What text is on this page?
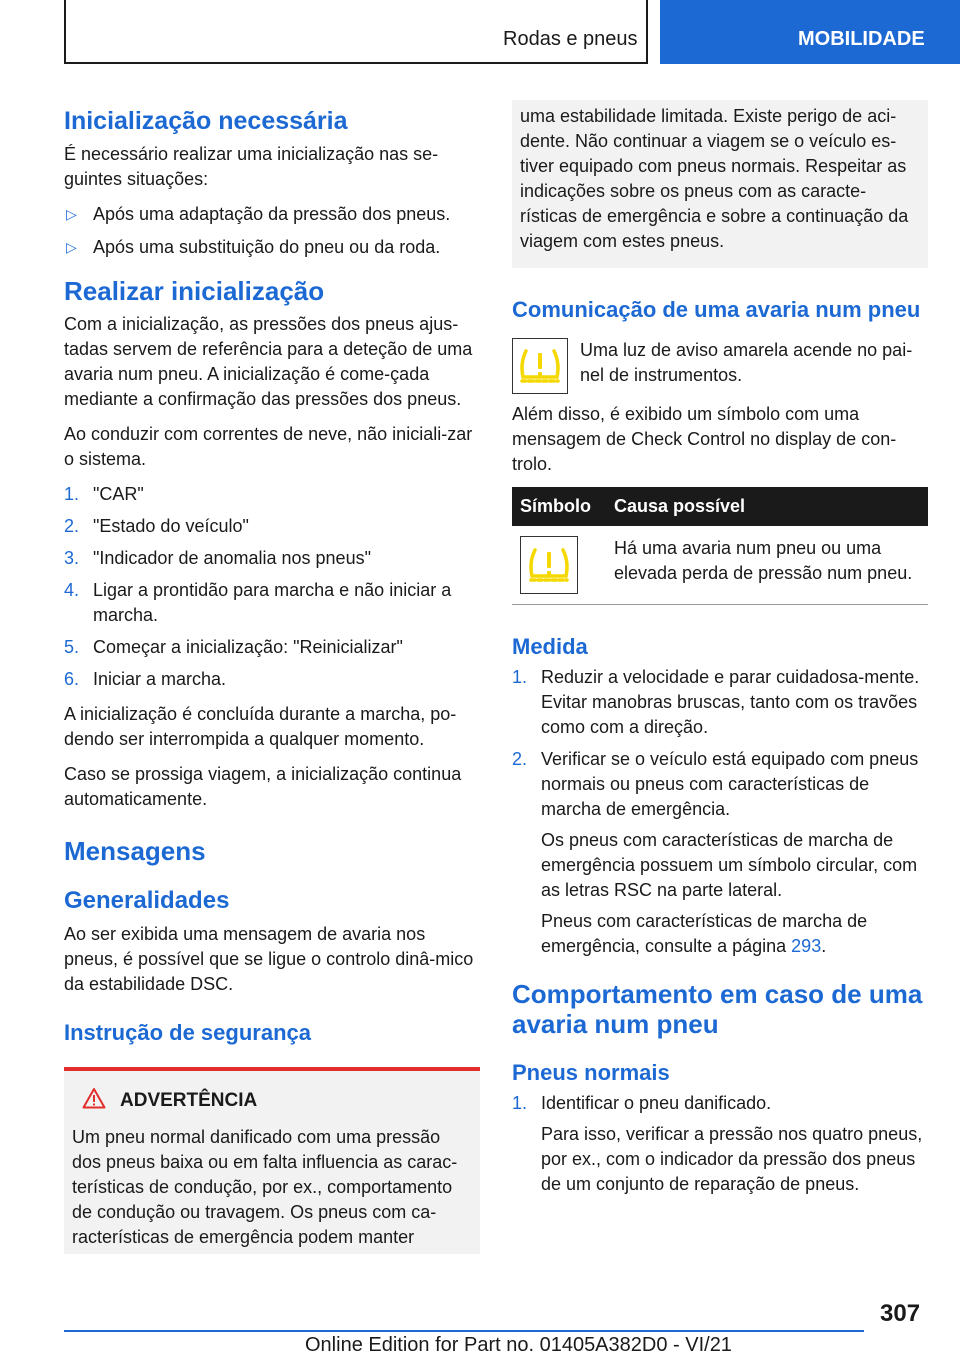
Rodas e pneus	MOBILIDADE
Inicialização necessária

É necessário realizar uma inicialização nas se-guintes situações:

▷ Após uma adaptação da pressão dos pneus.
▷ Após uma substituição do pneu ou da roda.
Realizar inicialização

Com a inicialização, as pressões dos pneus ajus-tadas servem de referência para a deteção de uma avaria num pneu. A inicialização é come-çada mediante a confirmação das pressões dos pneus.

Ao conduzir com correntes de neve, não iniciali-zar o sistema.

1. "CAR"
2. "Estado do veículo"
3. "Indicador de anomalia nos pneus"
4. Ligar a prontidão para marcha e não iniciar a marcha.
5. Começar a inicialização: "Reinicializar"
6. Iniciar a marcha.

A inicialização é concluída durante a marcha, po-dendo ser interrompida a qualquer momento.

Caso se prossiga viagem, a inicialização continua automaticamente.

Mensagens
Generalidades

Ao ser exibida uma mensagem de avaria nos pneus, é possível que se ligue o controlo dinâ-mico da estabilidade DSC.

Instrução de segurança
ADVERTÊNCIA

Um pneu normal danificado com uma pressão dos pneus baixa ou em falta influencia as carac-terísticas de condução, por ex., comportamento de condução ou travagem. Os pneus com ca-racterísticas de emergência podem manter

uma estabilidade limitada. Existe perigo de aci-dente. Não continuar a viagem se o veículo es-tiver equipado com pneus normais. Respeitar as indicações sobre os pneus com as caracte-rísticas de emergência e sobre a continuação da viagem com estes pneus.

Comunicação de uma avaria num pneu

Uma luz de aviso amarela acende no pai-nel de instrumentos.

Além disso, é exibido um símbolo com uma mensagem de Check Control no display de con-trolo.

Símbolo	Causa possível

	Há uma avaria num pneu ou uma elevada perda de pressão num pneu.
Medida
1. Reduzir a velocidade e parar cuidadosa-mente. Evitar manobras bruscas, tanto com os travões como com a direção.
2. Verificar se o veículo está equipado com pneus normais ou pneus com características de marcha de emergência.

Os pneus com características de marcha de emergência possuem um símbolo circular, com as letras RSC na parte lateral.

Pneus com características de marcha de emergência, consulte a página 293.

Comportamento em caso de uma avaria num pneu
Pneus normais
1. Identificar o pneu danificado.

Para isso, verificar a pressão nos quatro pneus, por ex., com o indicador da pressão dos pneus de um conjunto de reparação de pneus.

307
Online Edition for Part no. 01405A382D0 - VI/21
